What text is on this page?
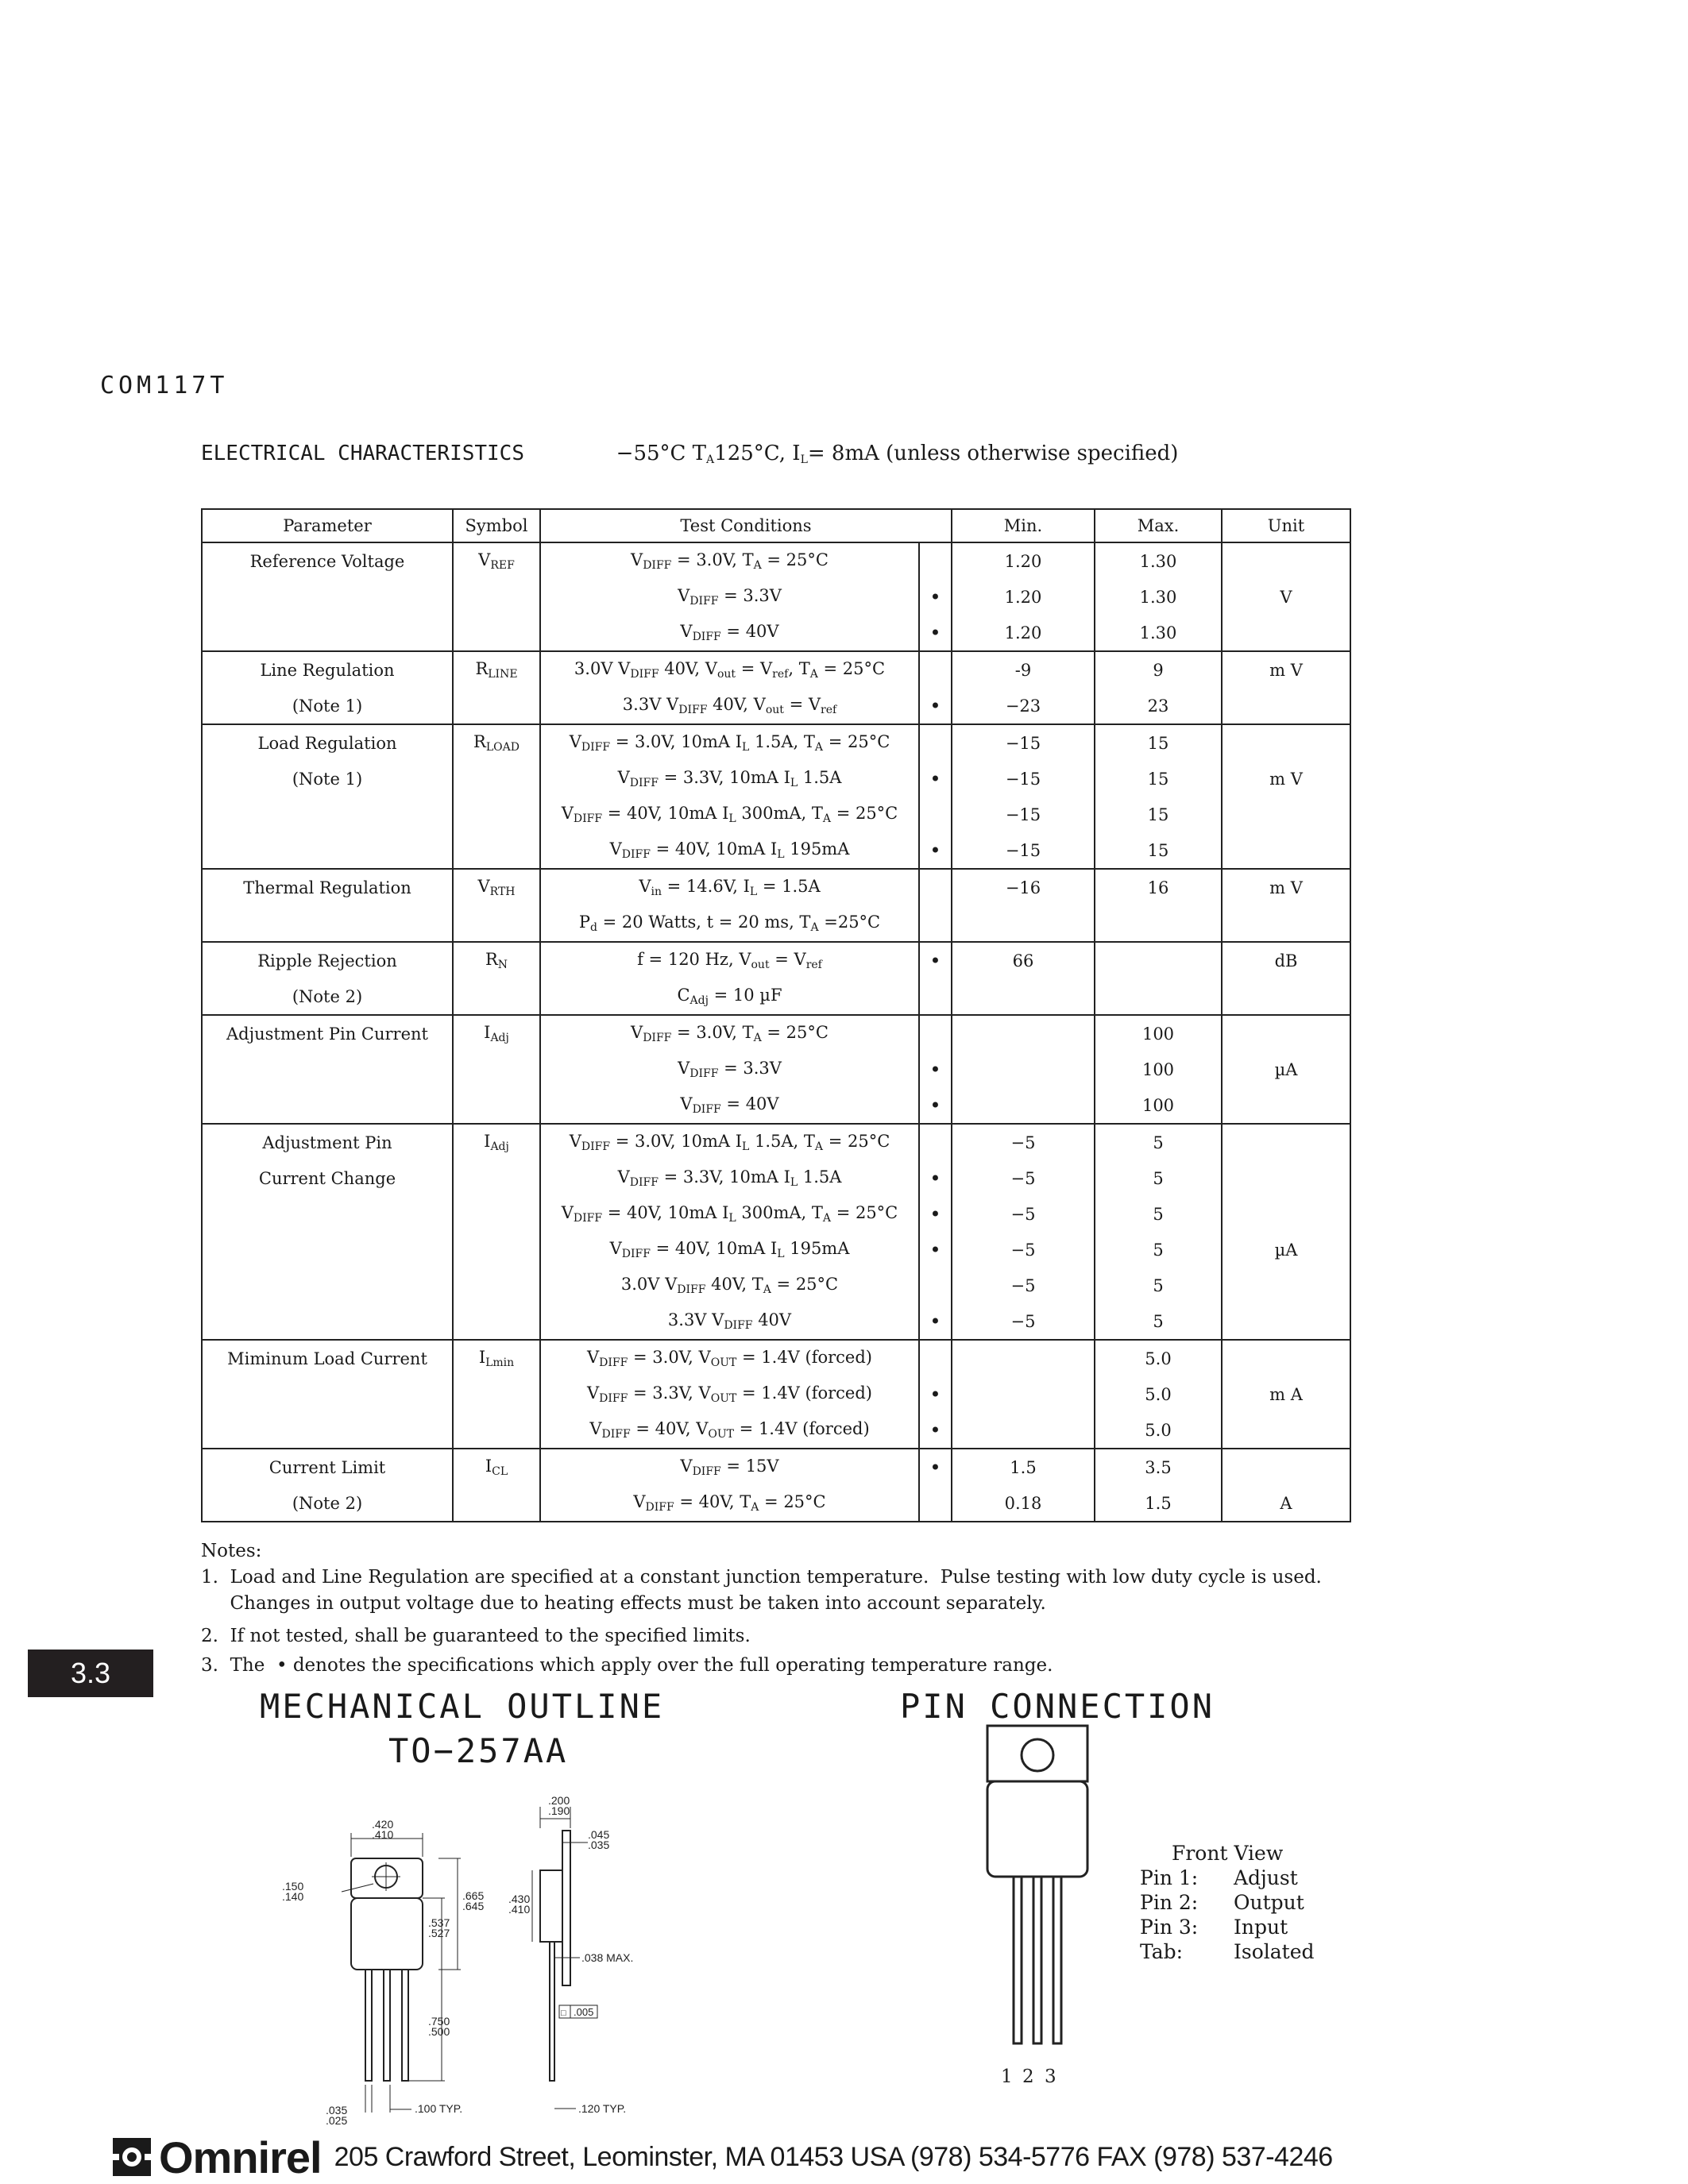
COM117T
ELECTRICAL CHARACTERISTICS	−55°C TA125°C, IL= 8mA (unless otherwise specified)
Parameter	Symbol	Test Conditions		Min.	Max.	Unit
Reference Voltage	$V_{REF}$	$V_{DIFF} = 3.0V$, $T_A = 25^\circ C$		1.20	1.30	
		$V_{DIFF} = 3.3V$	•	1.20	1.30	V
		$V_{DIFF} = 40V$	•	1.20	1.30	
Line Regulation	$R_{LINE}$	3.0V $V_{DIFF}$ 40V, $V_{out} = V_{ref}$, $T_A = 25^\circ C$		-9	9	m V
(Note 1)		3.3V $V_{DIFF}$ 40V, $V_{out} = V_{ref}$	•	−23	23	
Load Regulation	$R_{LOAD}$	$V_{DIFF} = 3.0V$, 10mA $I_L$ 1.5A, $T_A = 25^\circ C$		−15	15	
(Note 1)		$V_{DIFF} = 3.3V$, 10mA $I_L$ 1.5A	•	−15	15	m V
		$V_{DIFF} = 40V$, 10mA $I_L$ 300mA, $T_A = 25^\circ C$		−15	15	
		$V_{DIFF} = 40V$, 10mA $I_L$ 195mA	•	−15	15	
Thermal Regulation	$V_{RTH}$	$V_{in} = 14.6V$, $I_L = 1.5A$		−16	16	m V
		$P_d = 20$ Watts, t = 20 ms, $T_A =25^\circ C$				
Ripple Rejection	$R_N$	f = 120 Hz, $V_{out} = V_{ref}$	•	66		dB
(Note 2)		$C_{Adj} = 10$ µF				
Adjustment Pin Current	$I_{Adj}$	$V_{DIFF} = 3.0V$, $T_A = 25^\circ C$			100	
		$V_{DIFF} = 3.3V$	•		100	µA
		$V_{DIFF} = 40V$	•		100	
Adjustment Pin	$I_{Adj}$	$V_{DIFF} = 3.0V$, 10mA $I_L$ 1.5A, $T_A = 25^\circ C$		−5	5	
Current Change		$V_{DIFF} = 3.3V$, 10mA $I_L$ 1.5A	•	−5	5	
		$V_{DIFF} = 40V$, 10mA $I_L$ 300mA, $T_A = 25^\circ C$	•	−5	5	
		$V_{DIFF} = 40V$, 10mA $I_L$ 195mA	•	−5	5	µA
		3.0V $V_{DIFF}$ 40V, $T_A = 25^\circ C$		−5	5	
		3.3V $V_{DIFF}$ 40V	•	−5	5	
Miminum Load Current	$I_{Lmin}$	$V_{DIFF} = 3.0V$, $V_{OUT} = 1.4V$ (forced)			5.0	
		$V_{DIFF} = 3.3V$, $V_{OUT} = 1.4V$ (forced)	•		5.0	m A
		$V_{DIFF} = 40V$, $V_{OUT} = 1.4V$ (forced)	•		5.0	
Current Limit	$I_{CL}$	$V_{DIFF} = 15V$	•	1.5	3.5	
(Note 2)		$V_{DIFF} = 40V$, $T_A = 25^\circ C$		0.18	1.5	A
Notes:
1.  Load and Line Regulation are specified at a constant junction temperature.  Pulse testing with low duty cycle is used.
Changes in output voltage due to heating effects must be taken into account separately.
2.  If not tested, shall be guaranteed to the specified limits.
3.  The  • denotes the specifications which apply over the full operating temperature range.
3.3
MECHANICAL OUTLINE
TO−257AA
PIN CONNECTION
.420
.410
.150
.140	.665
.645
.537
.527
.750
.500
.035
.025
.100 TYP.
.200
.190
.045
.035
.430
.410
.038 MAX.
□ .005
.120 TYP.
1 2 3
Front View
Pin 1: Adjust
Pin 2: Output
Pin 3: Input
Tab:	Isolated
Omnirel 205 Crawford Street, Leominster, MA 01453 USA (978) 534-5776 FAX (978) 537-4246
